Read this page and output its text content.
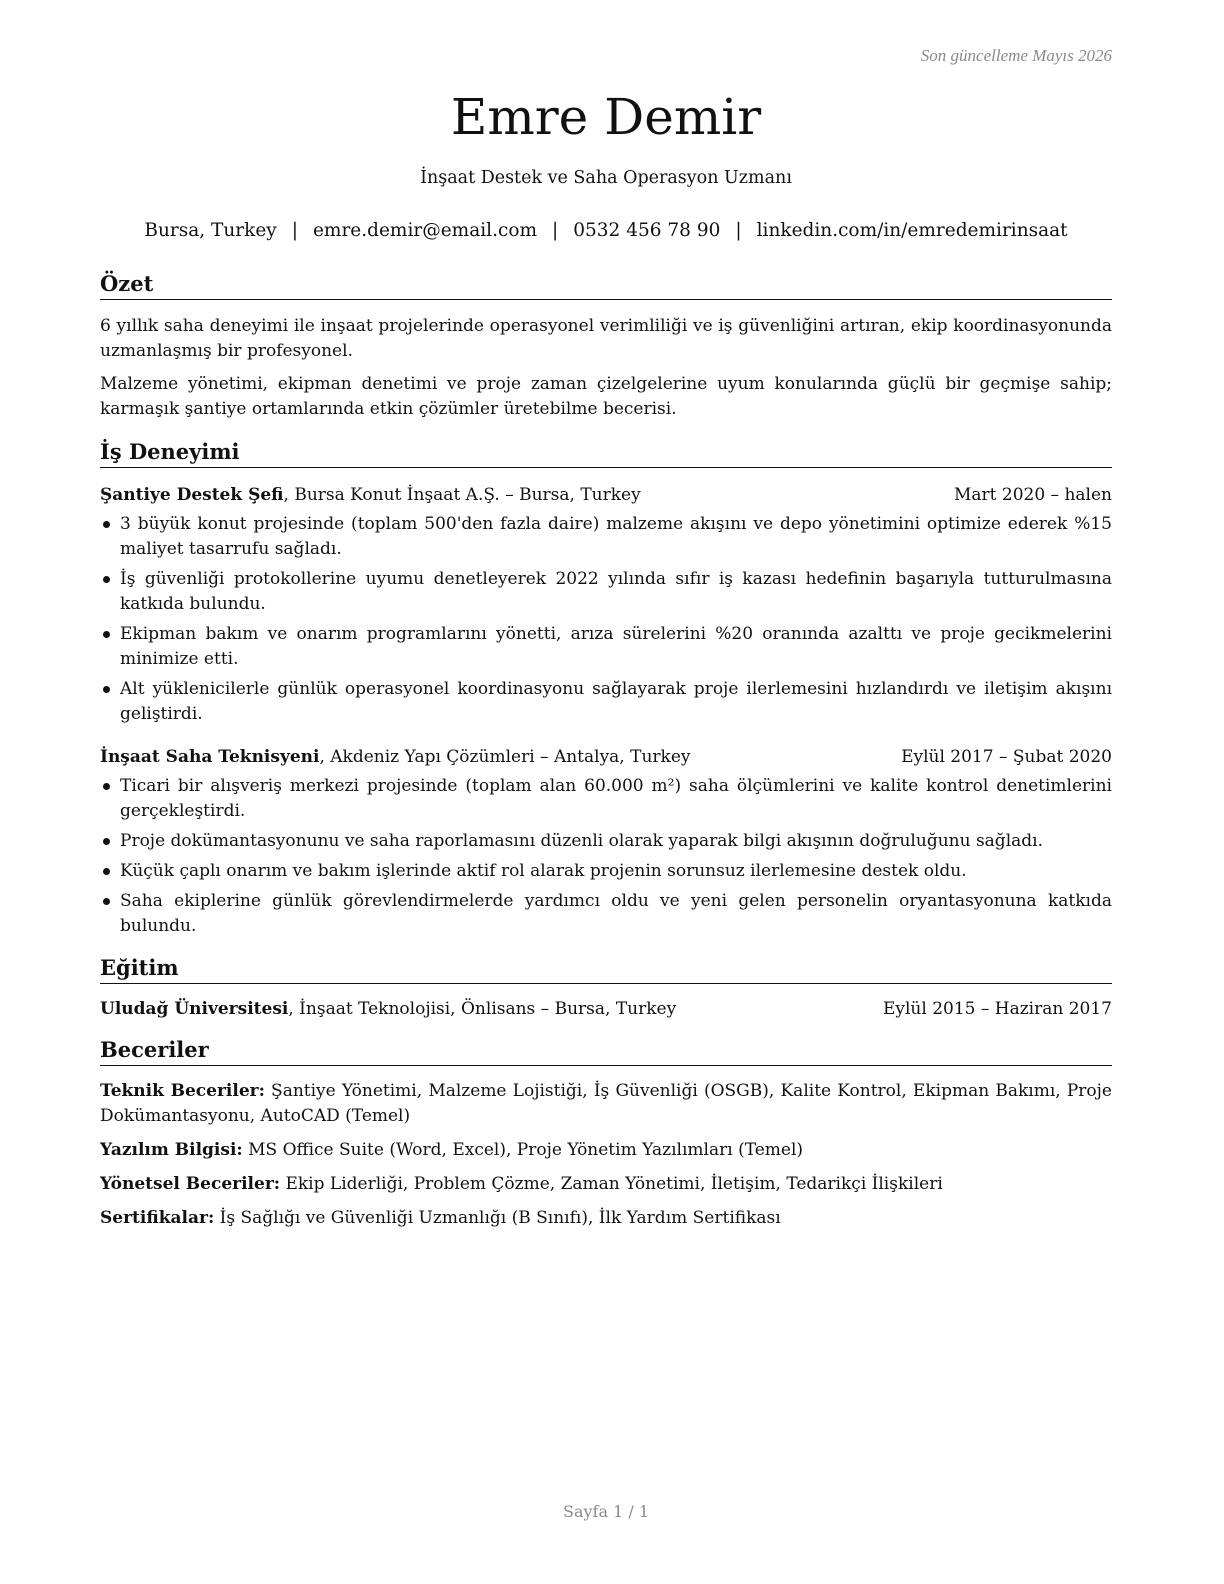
Son güncelleme Mayıs 2026
Emre Demir
İnşaat Destek ve Saha Operasyon Uzmanı
Bursa, Turkey | emre.demir@email.com | 0532 456 78 90 | linkedin.com/in/emredemirinsaat
Özet

6 yıllık saha deneyimi ile inşaat projelerinde operasyonel verimliliği ve iş güvenliğini artıran, ekip koordinasyonunda uzmanlaşmış bir profesyonel.

Malzeme yönetimi, ekipman denetimi ve proje zaman çizelgelerine uyum konularında güçlü bir geçmişe sahip; karmaşık şantiye ortamlarında etkin çözümler üretebilme becerisi.

İş Deneyimi
Şantiye Destek Şefi, Bursa Konut İnşaat A.Ş. – Bursa, Turkey	Mart 2020 – halen
3 büyük konut projesinde (toplam 500'den fazla daire) malzeme akışını ve depo yönetimini optimize ederek %15 maliyet tasarrufu sağladı.
İş güvenliği protokollerine uyumu denetleyerek 2022 yılında sıfır iş kazası hedefinin başarıyla tutturulmasına katkıda bulundu.
Ekipman bakım ve onarım programlarını yönetti, arıza sürelerini %20 oranında azalttı ve proje gecikmelerini minimize etti.
Alt yüklenicilerle günlük operasyonel koordinasyonu sağlayarak proje ilerlemesini hızlandırdı ve iletişim akışını geliştirdi.
İnşaat Saha Teknisyeni, Akdeniz Yapı Çözümleri – Antalya, Turkey	Eylül 2017 – Şubat 2020
Ticari bir alışveriş merkezi projesinde (toplam alan 60.000 m²) saha ölçümlerini ve kalite kontrol denetimlerini gerçekleştirdi.
Proje dokümantasyonunu ve saha raporlamasını düzenli olarak yaparak bilgi akışının doğruluğunu sağladı.
Küçük çaplı onarım ve bakım işlerinde aktif rol alarak projenin sorunsuz ilerlemesine destek oldu.
Saha ekiplerine günlük görevlendirmelerde yardımcı oldu ve yeni gelen personelin oryantasyonuna katkıda bulundu.
Eğitim
Uludağ Üniversitesi, İnşaat Teknolojisi, Önlisans – Bursa, Turkey	Eylül 2015 – Haziran 2017
Beceriler
Teknik Beceriler: Şantiye Yönetimi, Malzeme Lojistiği, İş Güvenliği (OSGB), Kalite Kontrol, Ekipman Bakımı, Proje Dokümantasyonu, AutoCAD (Temel)
Yazılım Bilgisi: MS Office Suite (Word, Excel), Proje Yönetim Yazılımları (Temel)
Yönetsel Beceriler: Ekip Liderliği, Problem Çözme, Zaman Yönetimi, İletişim, Tedarikçi İlişkileri
Sertifikalar: İş Sağlığı ve Güvenliği Uzmanlığı (B Sınıfı), İlk Yardım Sertifikası
Sayfa 1 / 1
